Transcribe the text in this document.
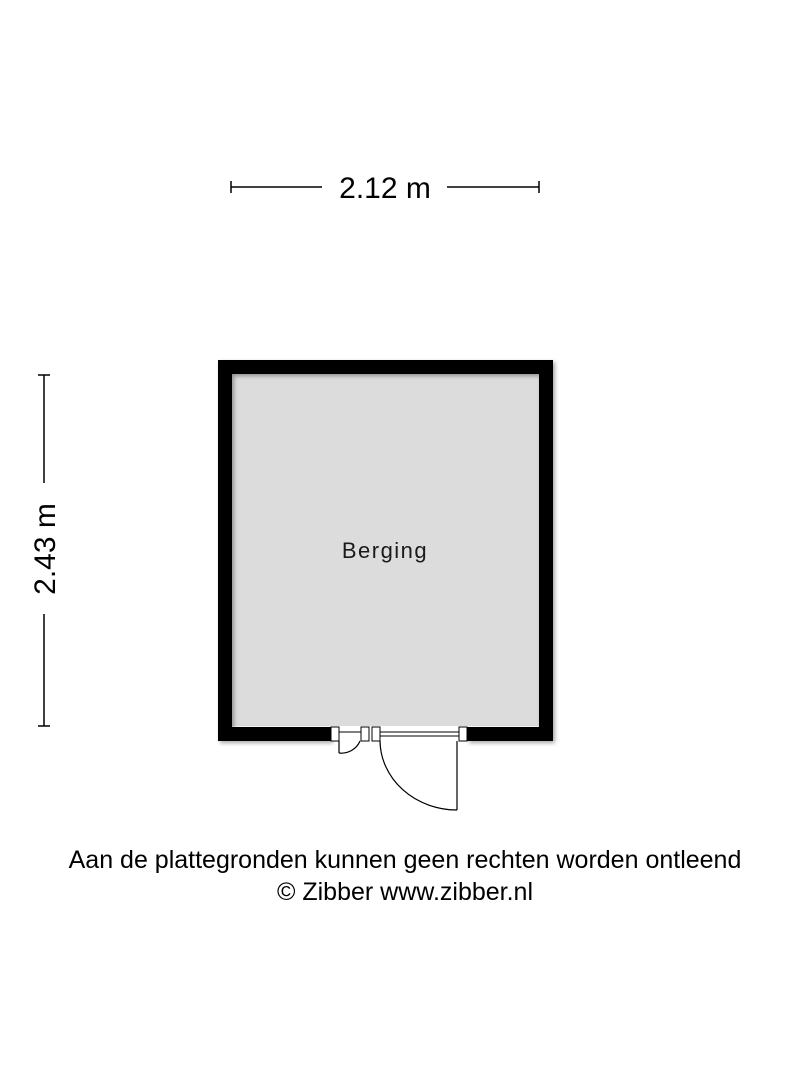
2.12 m
2.43 m	Berging
Aan de plattegronden kunnen geen rechten worden ontleend
© Zibber www.zibber.nl
